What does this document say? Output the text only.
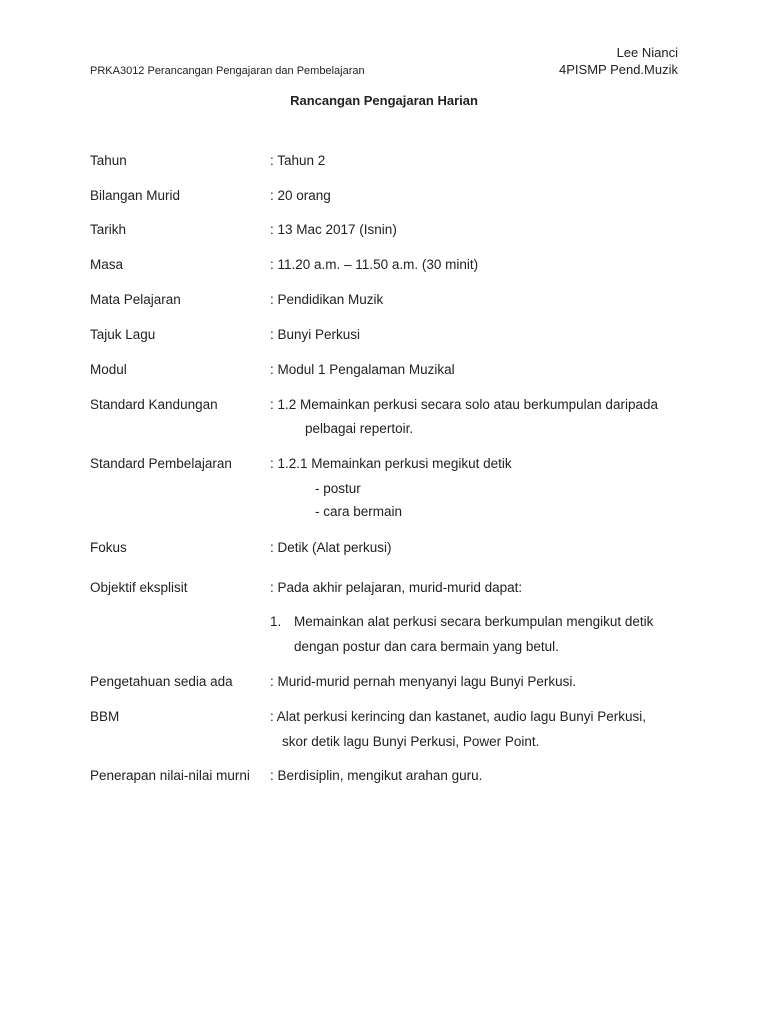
Lee Nianci
4PISMP Pend.Muzik
PRKA3012 Perancangan Pengajaran dan Pembelajaran
Rancangan Pengajaran Harian
Tahun	: Tahun 2
Bilangan Murid	: 20 orang
Tarikh	: 13 Mac 2017 (Isnin)
Masa	: 11.20 a.m. – 11.50 a.m. (30 minit)
Mata Pelajaran	: Pendidikan Muzik
Tajuk Lagu	: Bunyi Perkusi
Modul	: Modul 1 Pengalaman Muzikal
Standard Kandungan	: 1.2 Memainkan perkusi secara solo atau berkumpulan daripada
pelbagai repertoir.
Standard Pembelajaran	: 1.2.1 Memainkan perkusi megikut detik
- postur
- cara bermain
Fokus	: Detik (Alat perkusi)
Objektif eksplisit	: Pada akhir pelajaran, murid-murid dapat:
1. Memainkan alat perkusi secara berkumpulan mengikut detik
dengan postur dan cara bermain yang betul.
Pengetahuan sedia ada	: Murid-murid pernah menyanyi lagu Bunyi Perkusi.
BBM	: Alat perkusi kerincing dan kastanet, audio lagu Bunyi Perkusi,
skor detik lagu Bunyi Perkusi, Power Point.
Penerapan nilai-nilai murni : Berdisiplin, mengikut arahan guru.
